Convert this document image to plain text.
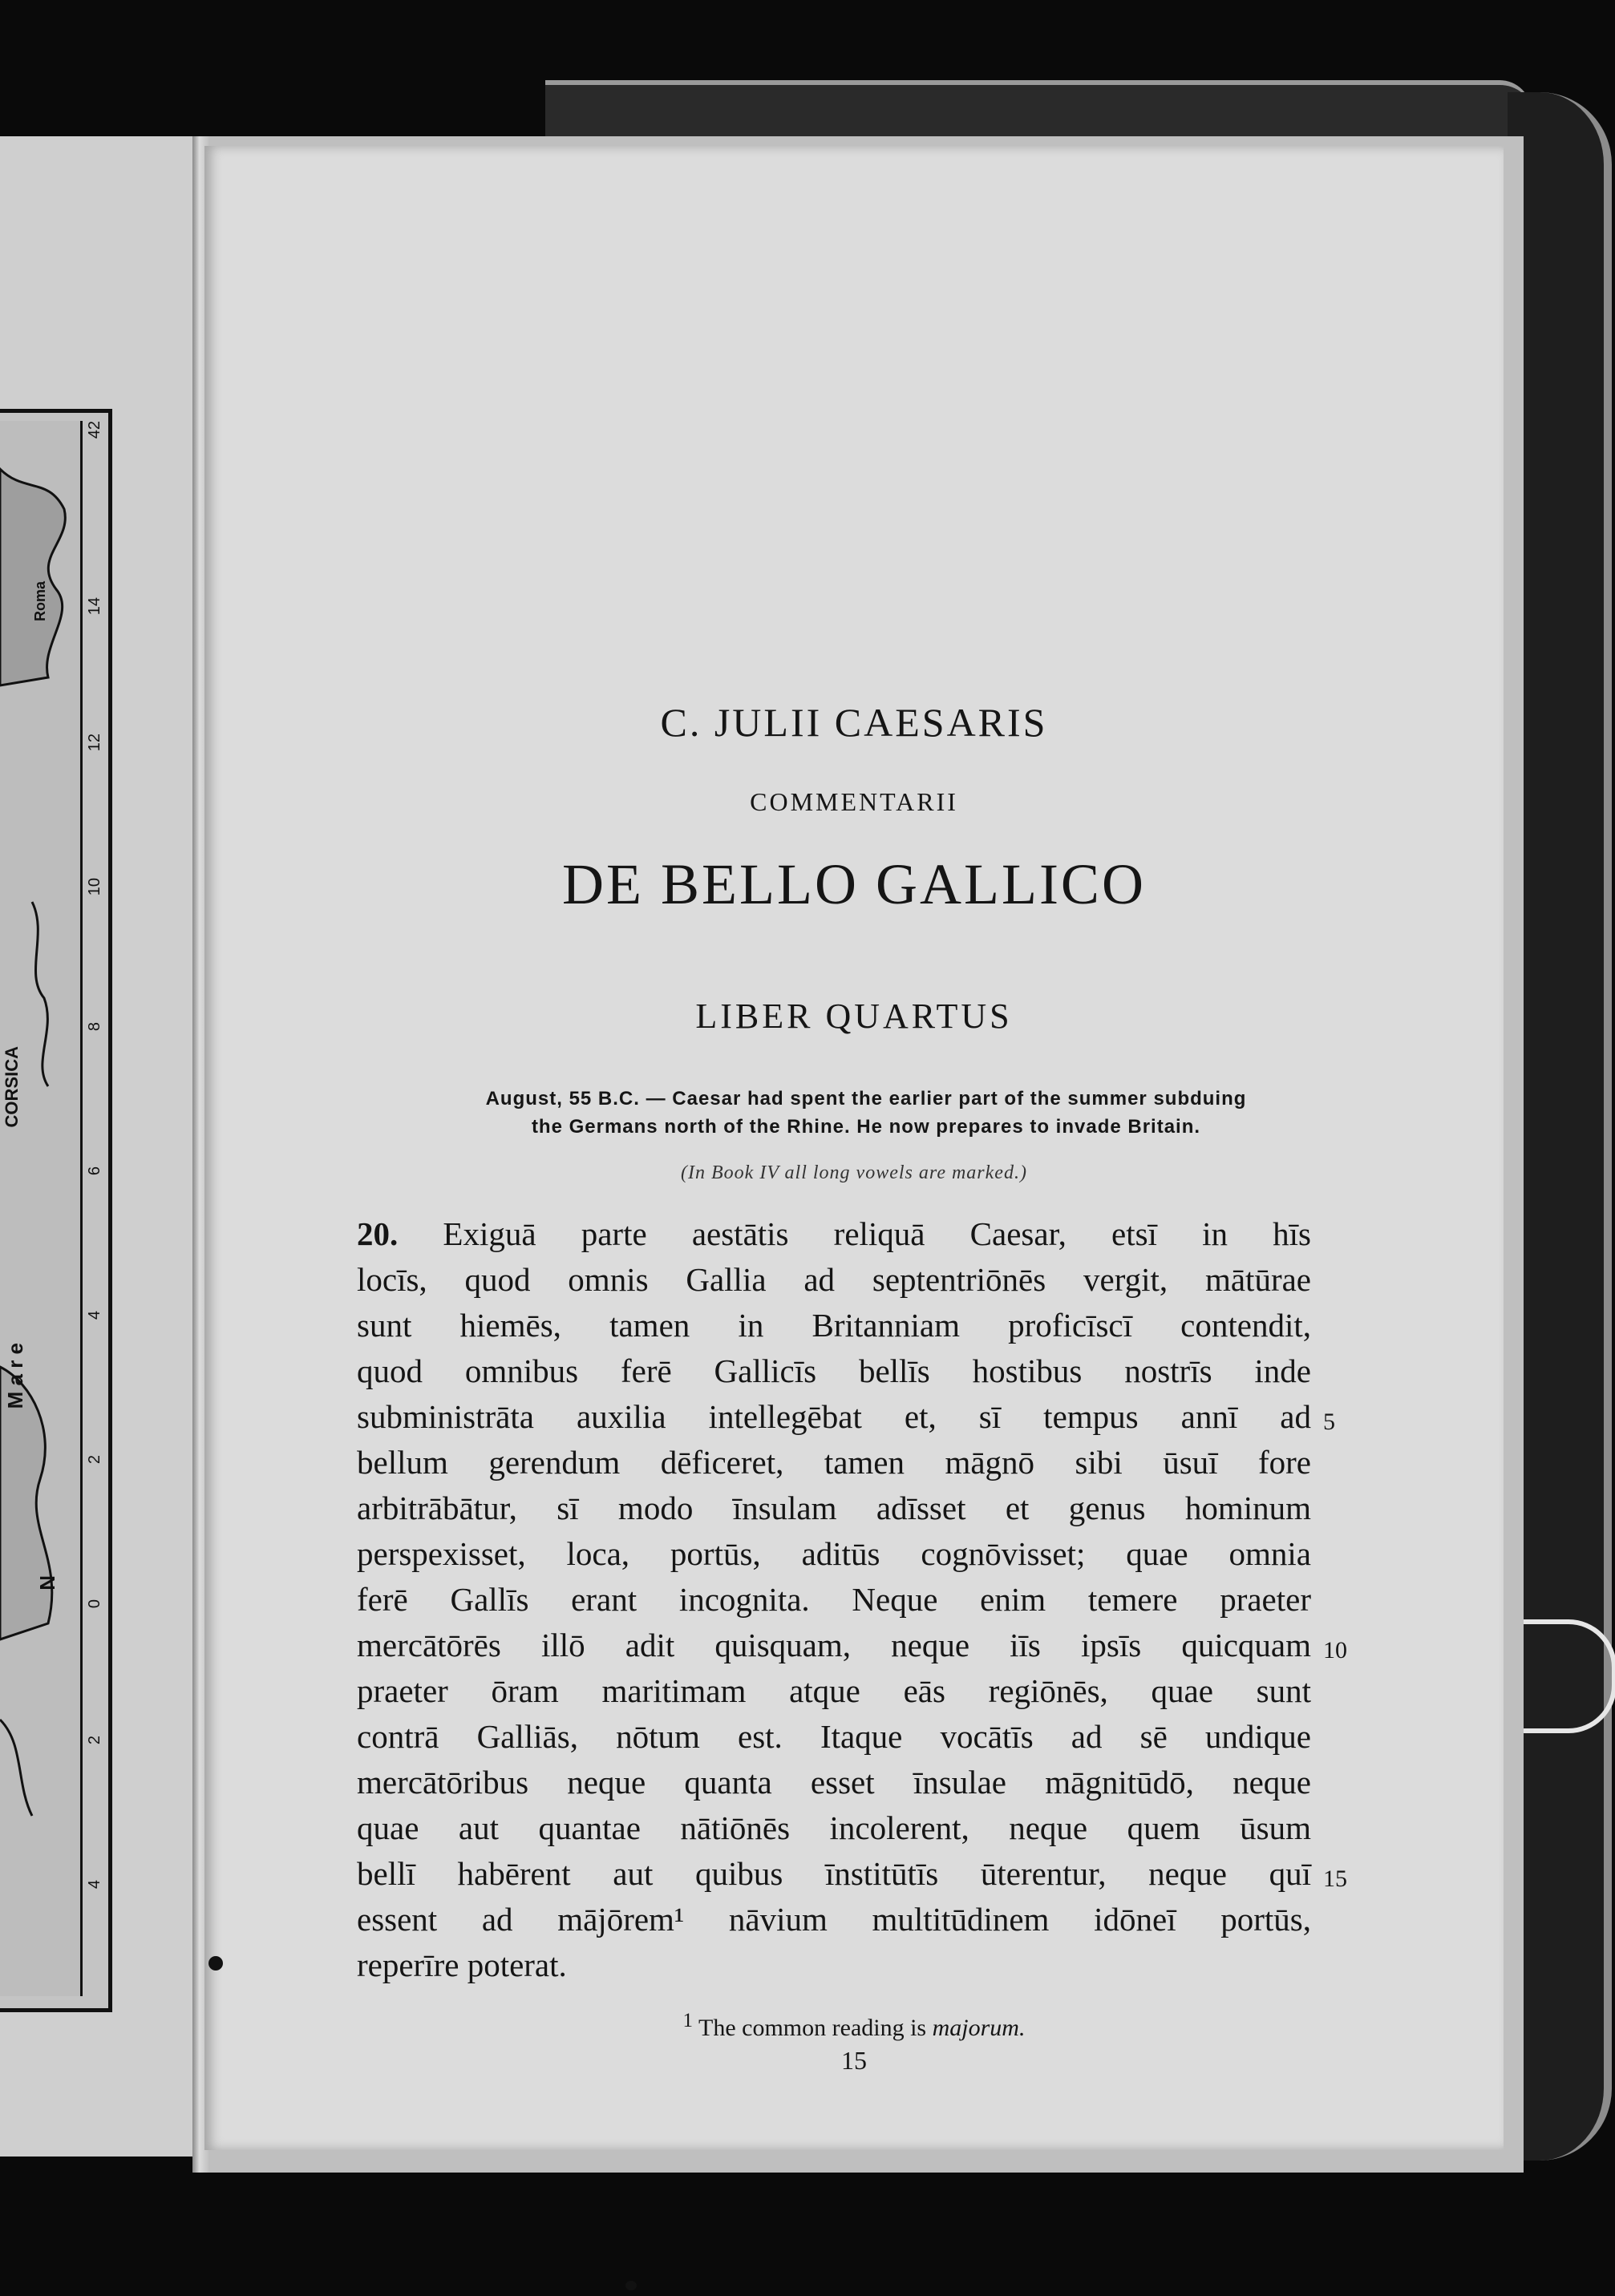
CORSICA
Roma
M a r e
N
42
14
12
10
8
6
4
2
0
2
4
C. JULII CAESARIS
COMMENTARII
DE BELLO GALLICO
LIBER QUARTUS
August, 55 B.C. — Caesar had spent the earlier part of the summer subduing
the Germans north of the Rhine. He now prepares to invade Britain.
(In Book IV all long vowels are marked.)
20. Exiguā parte aestātis reliquā Caesar, etsī in hīs
locīs, quod omnis Gallia ad septentriōnēs vergit, mātūrae
sunt hiemēs, tamen in Britanniam proficīscī contendit,
quod omnibus ferē Gallicīs bellīs hostibus nostrīs inde
subministrāta auxilia intellegēbat et, sī tempus annī ad
bellum gerendum dēficeret, tamen māgnō sibi ūsuī fore
arbitrābātur, sī modo īnsulam adīsset et genus hominum
perspexisset, loca, portūs, aditūs cognōvisset; quae omnia
ferē Gallīs erant incognita. Neque enim temere praeter
mercātōrēs illō adit quisquam, neque iīs ipsīs quicquam
praeter ōram maritimam atque eās regiōnēs, quae sunt
contrā Galliās, nōtum est. Itaque vocātīs ad sē undique
mercātōribus neque quanta esset īnsulae māgnitūdō, neque
quae aut quantae nātiōnēs incolerent, neque quem ūsum
bellī habērent aut quibus īnstitūtīs ūterentur, neque quī
essent ad mājōrem¹ nāvium multitūdinem idōneī portūs,
reperīre poterat.
5
10
15
$^1$ The common reading is majorum.
15
